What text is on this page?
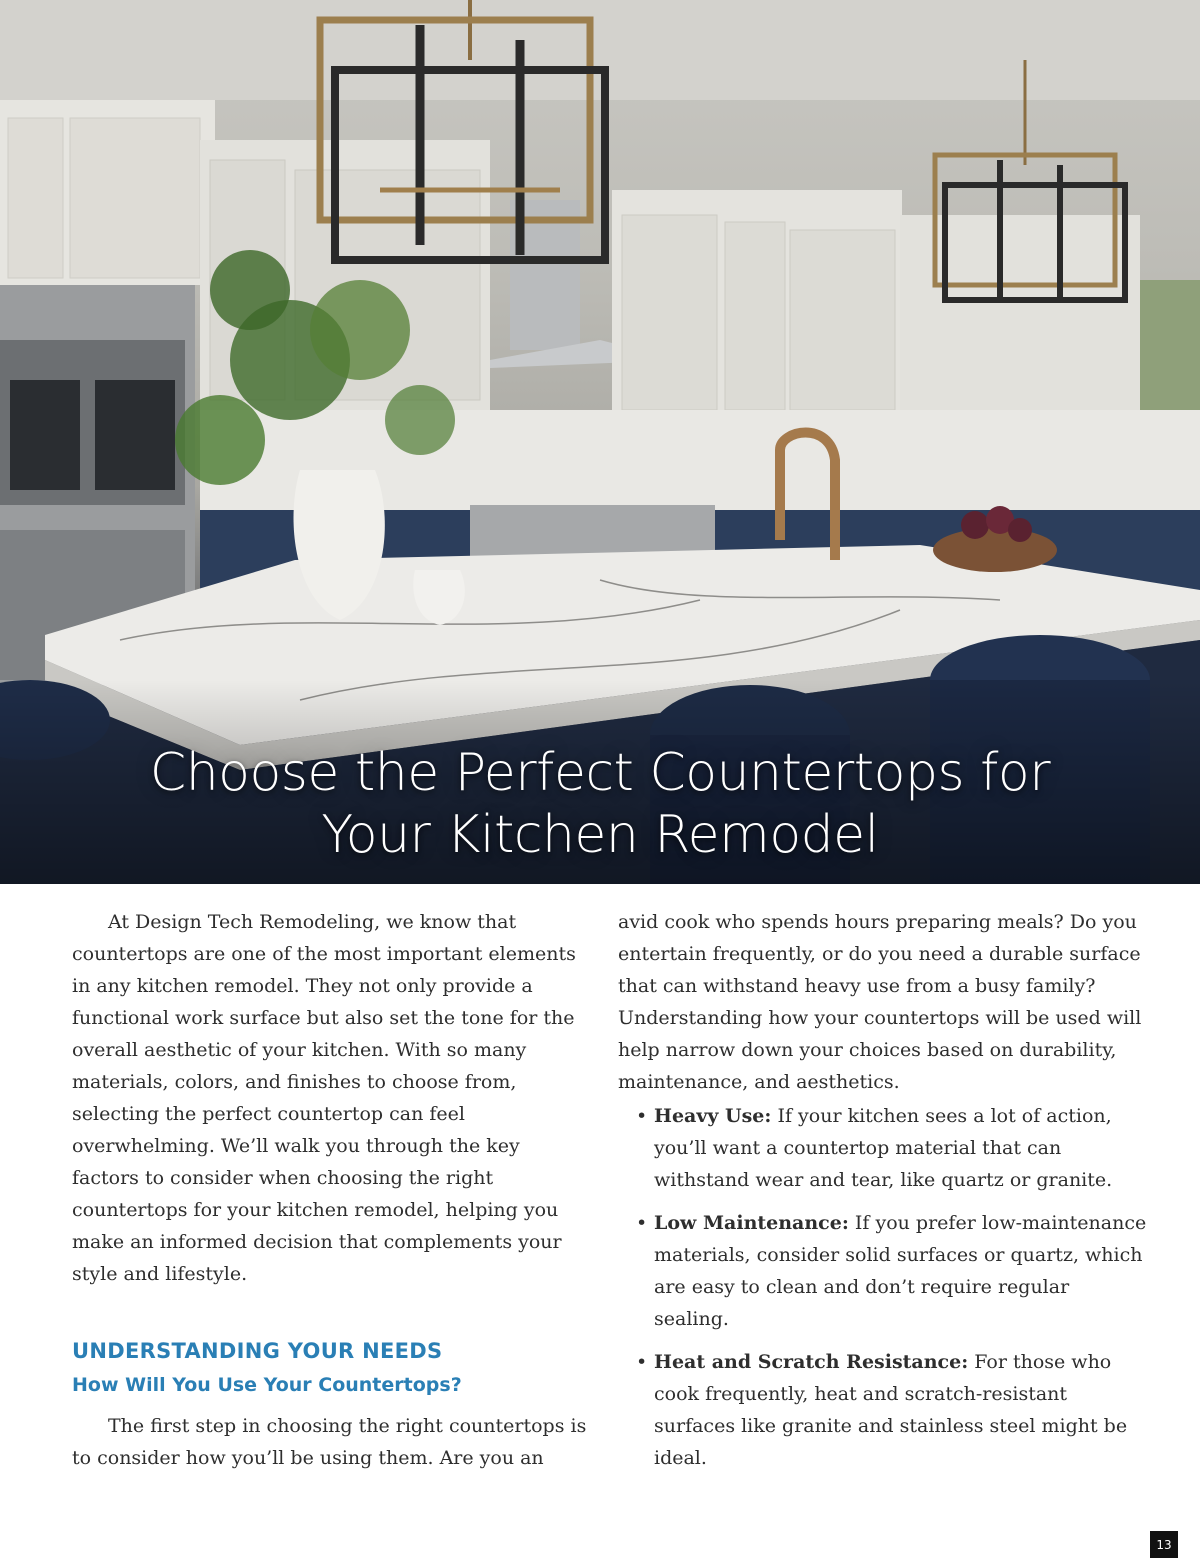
Choose the Perfect Countertops for
Your Kitchen Remodel

At Design Tech Remodeling, we know that countertops are one of the most important elements in any kitchen remodel. They not only provide a functional work surface but also set the tone for the overall aesthetic of your kitchen. With so many materials, colors, and finishes to choose from, selecting the perfect countertop can feel overwhelming. We’ll walk you through the key factors to consider when choosing the right countertops for your kitchen remodel, helping you make an informed decision that complements your style and lifestyle.

UNDERSTANDING YOUR NEEDS
How Will You Use Your Countertops?

The first step in choosing the right countertops is to consider how you’ll be using them. Are you an

avid cook who spends hours preparing meals? Do you entertain frequently, or do you need a durable surface that can withstand heavy use from a busy family? Understanding how your countertops will be used will help narrow down your choices based on durability, maintenance, and aesthetics.

• Heavy Use: If your kitchen sees a lot of action, you’ll want a countertop material that can withstand wear and tear, like quartz or granite.
• Low Maintenance: If you prefer low-maintenance materials, consider solid surfaces or quartz, which are easy to clean and don’t require regular sealing.
• Heat and Scratch Resistance: For those who cook frequently, heat and scratch-resistant surfaces like granite and stainless steel might be ideal.
13
